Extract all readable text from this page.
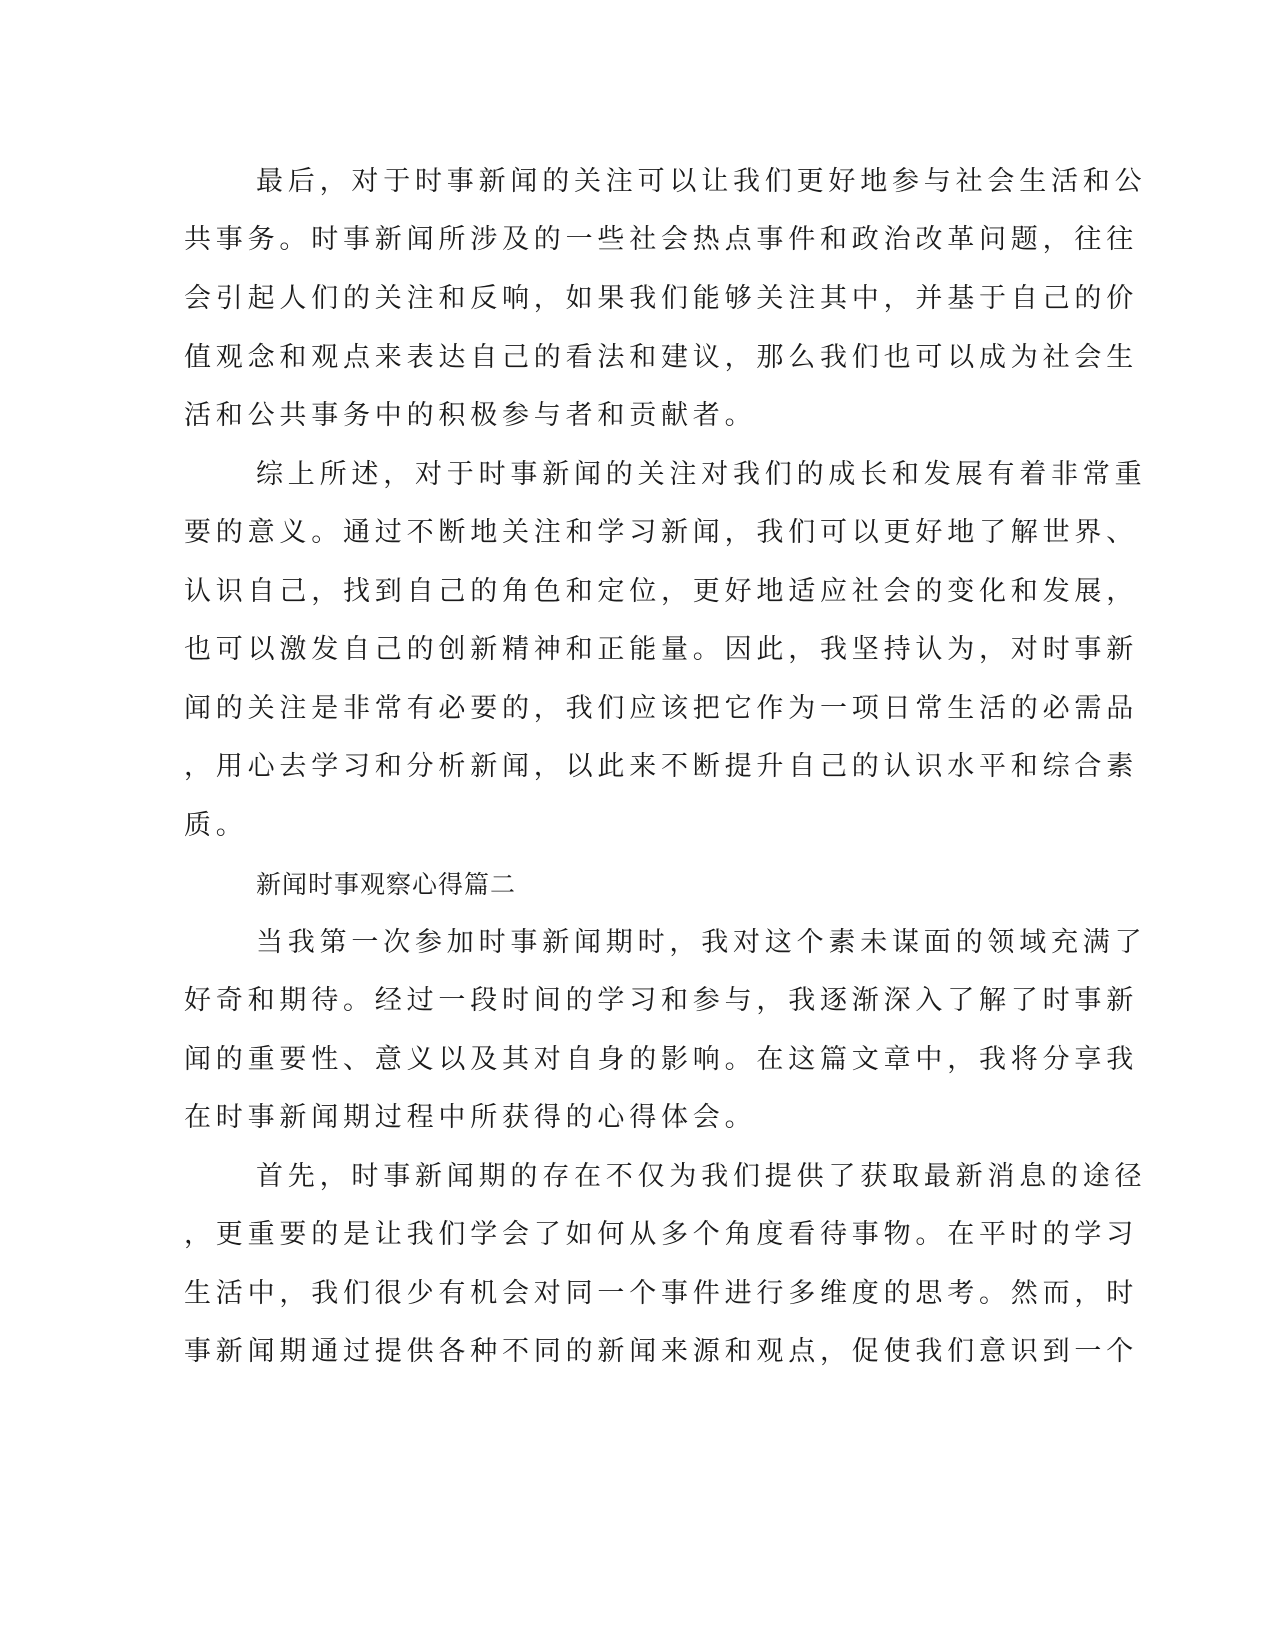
最后，对于时事新闻的关注可以让我们更好地参与社会生活和公
共事务。时事新闻所涉及的一些社会热点事件和政治改革问题，往往
会引起人们的关注和反响，如果我们能够关注其中，并基于自己的价
值观念和观点来表达自己的看法和建议，那么我们也可以成为社会生
活和公共事务中的积极参与者和贡献者。
综上所述，对于时事新闻的关注对我们的成长和发展有着非常重
要的意义。通过不断地关注和学习新闻，我们可以更好地了解世界、
认识自己，找到自己的角色和定位，更好地适应社会的变化和发展，
也可以激发自己的创新精神和正能量。因此，我坚持认为，对时事新
闻的关注是非常有必要的，我们应该把它作为一项日常生活的必需品
，用心去学习和分析新闻，以此来不断提升自己的认识水平和综合素
质。
新闻时事观察心得篇二
当我第一次参加时事新闻期时，我对这个素未谋面的领域充满了
好奇和期待。经过一段时间的学习和参与，我逐渐深入了解了时事新
闻的重要性、意义以及其对自身的影响。在这篇文章中，我将分享我
在时事新闻期过程中所获得的心得体会。
首先，时事新闻期的存在不仅为我们提供了获取最新消息的途径
，更重要的是让我们学会了如何从多个角度看待事物。在平时的学习
生活中，我们很少有机会对同一个事件进行多维度的思考。然而，时
事新闻期通过提供各种不同的新闻来源和观点，促使我们意识到一个
